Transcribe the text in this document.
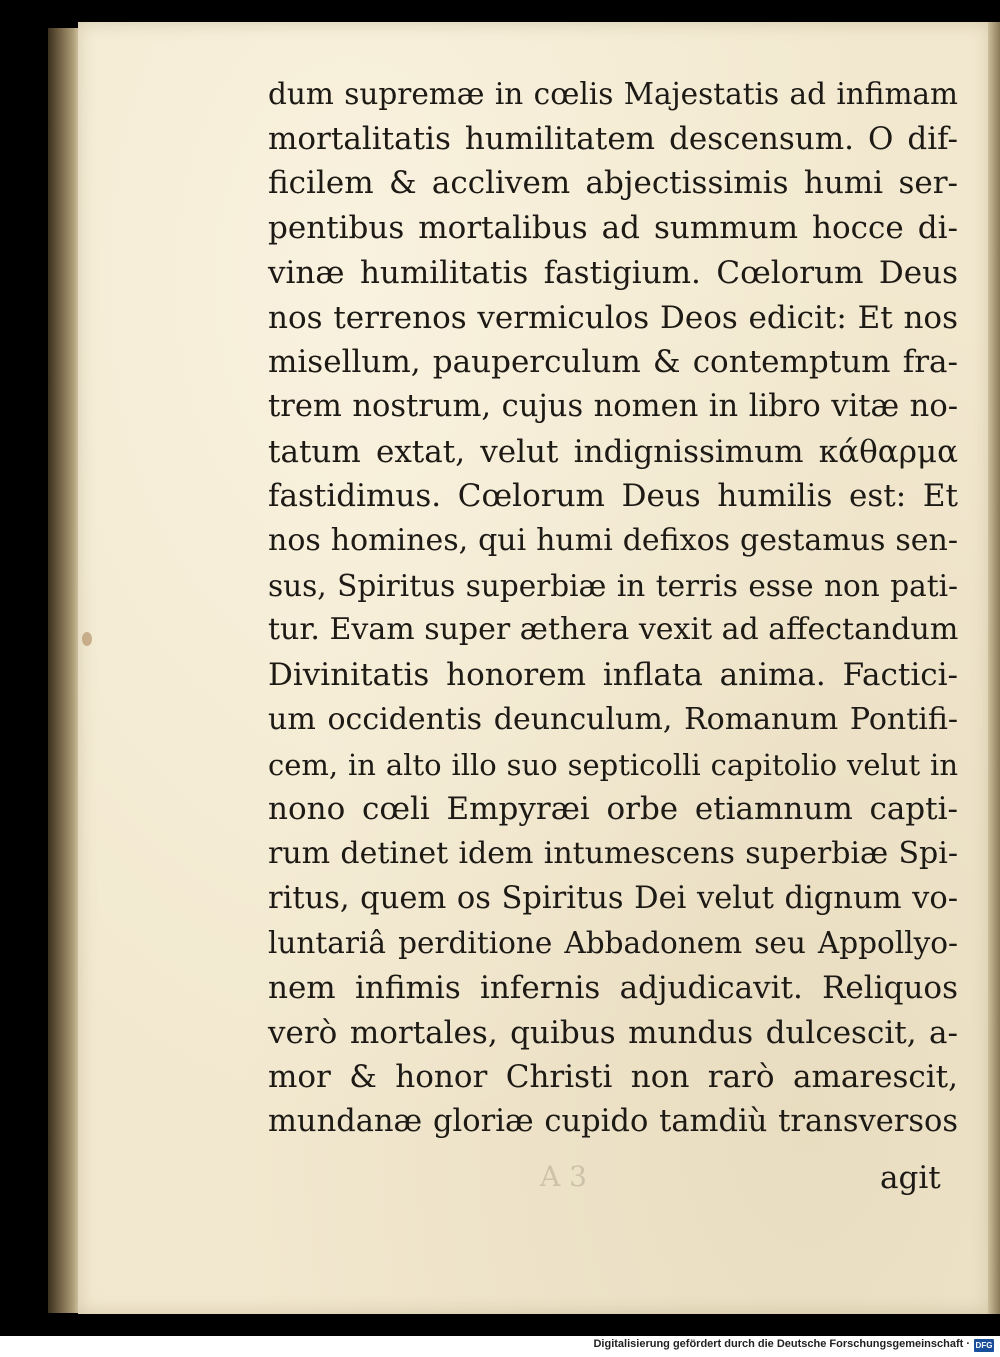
dum supremæ in cœlis Majestatis ad infimam
mortalitatis humilitatem descensum. O dif-
ficilem & acclivem abjectissimis humi ser-
pentibus mortalibus ad summum hocce di-
vinæ humilitatis fastigium. Cœlorum Deus
nos terrenos vermiculos Deos edicit: Et nos
misellum, pauperculum & contemptum fra-
trem nostrum, cujus nomen in libro vitæ no-
tatum extat, velut indignissimum κάθαρμα
fastidimus. Cœlorum Deus humilis est: Et
nos homines, qui humi defixos gestamus sen-
sus, Spiritus superbiæ in terris esse non pati-
tur. Evam super æthera vexit ad affectandum
Divinitatis honorem inflata anima. Factici-
um occidentis deunculum, Romanum Pontifi-
cem, in alto illo suo septicolli capitolio velut in
nono cœli Empyræi orbe etiamnum capti-
rum detinet idem intumescens superbiæ Spi-
ritus, quem os Spiritus Dei velut dignum vo-
luntariâ perditione Abbadonem seu Appollyo-
nem infimis infernis adjudicavit. Reliquos
verò mortales, quibus mundus dulcescit, a-
mor & honor Christi non rarò amarescit,
mundanæ gloriæ cupido tamdiù transversos
A 3	agit
Digitalisierung gefördert durch die Deutsche Forschungsgemeinschaft · DFG
